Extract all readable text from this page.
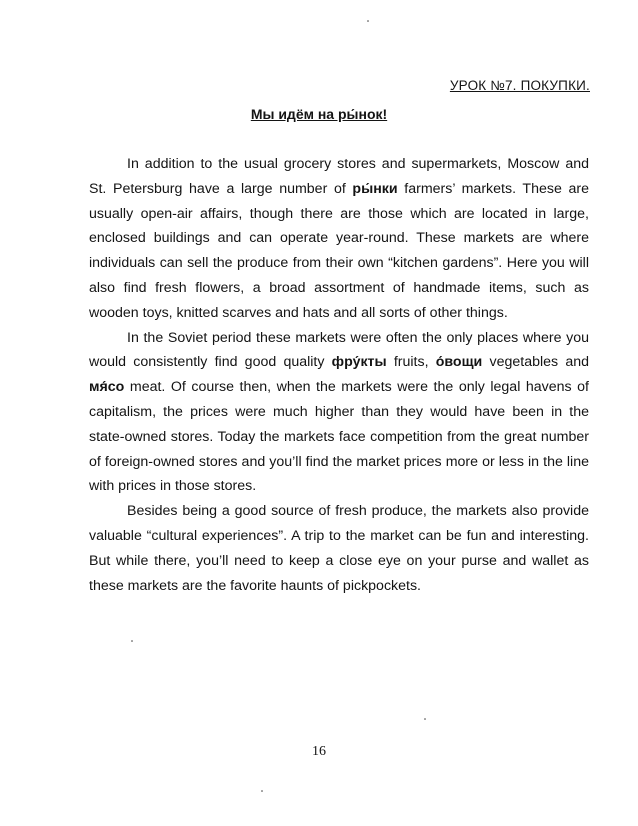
УРОК №7. ПОКУПКИ.
Мы идём на ры́нок!

In addition to the usual grocery stores and supermarkets, Moscow and St. Petersburg have a large number of ры́нки farmers’ markets. These are usually open-air affairs, though there are those which are located in large, enclosed buildings and can operate year-round. These markets are where individuals can sell the produce from their own “kitchen gardens”. Here you will also find fresh flowers, a broad assortment of handmade items, such as wooden toys, knitted scarves and hats and all sorts of other things.

In the Soviet period these markets were often the only places where you would consistently find good quality фру́кты fruits, о́вощи vegetables and мя́со meat. Of course then, when the markets were the only legal havens of capitalism, the prices were much higher than they would have been in the state-owned stores. Today the markets face competition from the great number of foreign-owned stores and you’ll find the market prices more or less in the line with prices in those stores.

Besides being a good source of fresh produce, the markets also provide valuable “cultural experiences”. A trip to the market can be fun and interesting. But while there, you’ll need to keep a close eye on your purse and wallet as these markets are the favorite haunts of pickpockets.

16
